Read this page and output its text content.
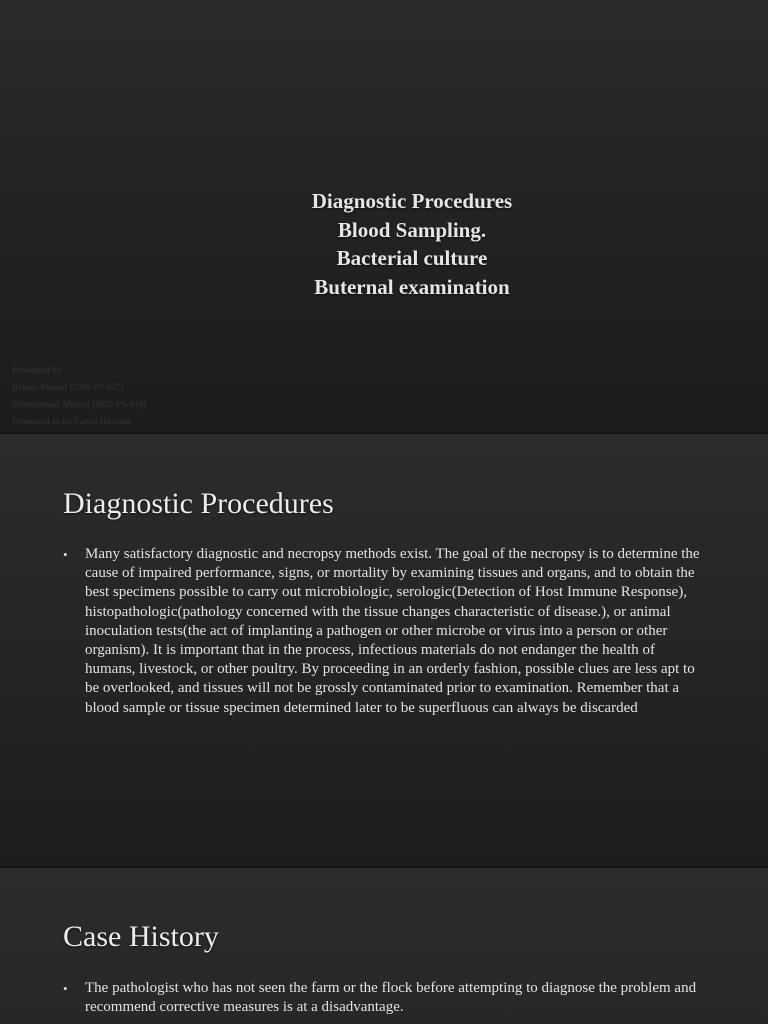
Diagnostic Procedures
Blood Sampling.
Bacterial culture
Buternal examination
Presented by
Rehan Ahmad (2020-PS-027)
Muhammad Ahmad (2020-PS-010)
Presented to Dr Faisal Hussain
Diagnostic Procedures
• Many satisfactory diagnostic and necropsy methods exist. The goal of the necropsy is to determine the cause of impaired performance, signs, or mortality by examining tissues and organs, and to obtain the best specimens possible to carry out microbiologic, serologic(Detection of Host Immune Response), histopathologic(pathology concerned with the tissue changes characteristic of disease.), or animal inoculation tests(the act of implanting a pathogen or other microbe or virus into a person or other organism). It is important that in the process, infectious materials do not endanger the health of humans, livestock, or other poultry. By proceeding in an orderly fashion, possible clues are less apt to be overlooked, and tissues will not be grossly contaminated prior to examination. Remember that a blood sample or tissue specimen determined later to be superfluous can always be discarded
Case History
• The pathologist who has not seen the farm or the flock before attempting to diagnose the problem and recommend corrective measures is at a disadvantage.
